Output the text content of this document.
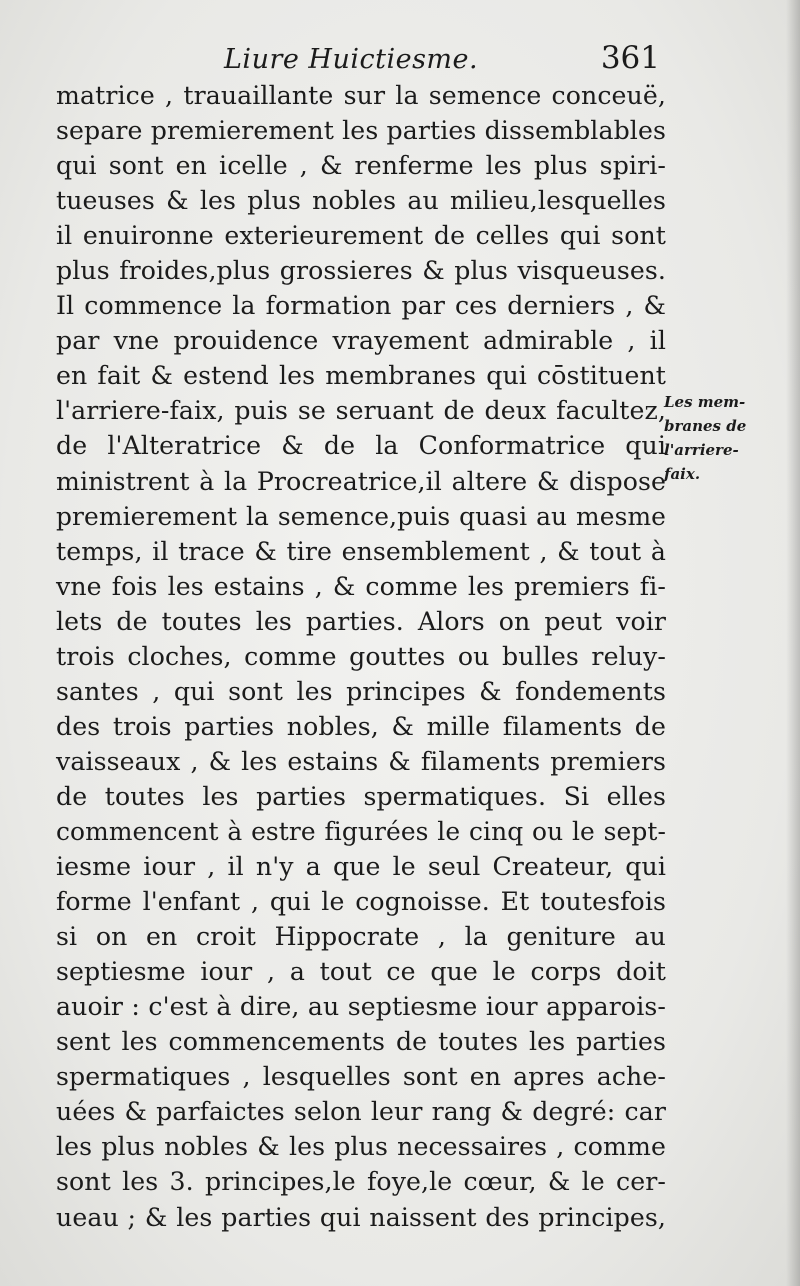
Liure Huictiesme.	361
matrice , trauaillante sur la semence conceuë,
separe premierement les parties dissemblables
qui sont en icelle , & renferme les plus spiri-
tueuses & les plus nobles au milieu,lesquelles
il enuironne exterieurement de celles qui sont
plus froides,plus grossieres & plus visqueuses.
Il commence la formation par ces derniers , &
par vne prouidence vrayement admirable , il
en fait & estend les membranes qui cōstituent
l'arriere-faix, puis se seruant de deux facultez,
de l'Alteratrice & de la Conformatrice qui
ministrent à la Procreatrice,il altere & dispose
premierement la semence,puis quasi au mesme
temps, il trace & tire ensemblement , & tout à
vne fois les estains , & comme les premiers fi-
lets de toutes les parties. Alors on peut voir
trois cloches, comme gouttes ou bulles reluy-
santes , qui sont les principes & fondements
des trois parties nobles, & mille filaments de
vaisseaux , & les estains & filaments premiers
de toutes les parties spermatiques. Si elles
commencent à estre figurées le cinq ou le sept-
iesme iour , il n'y a que le seul Createur, qui
forme l'enfant , qui le cognoisse. Et toutesfois
si on en croit Hippocrate , la geniture au
septiesme iour , a tout ce que le corps doit
auoir : c'est à dire, au septiesme iour apparois-
sent les commencements de toutes les parties
spermatiques , lesquelles sont en apres ache-
uées & parfaictes selon leur rang & degré: car
les plus nobles & les plus necessaires , comme
sont les 3. principes,le foye,le cœur, & le cer-
ueau ; & les parties qui naissent des principes,
Les mem-
branes de
l'arriere-
faix.
